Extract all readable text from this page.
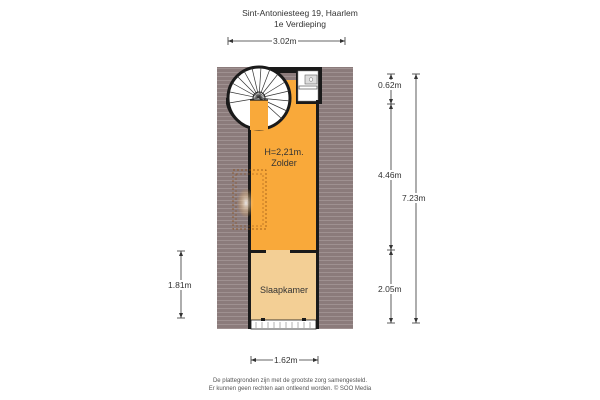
Sint-Antoniesteeg 19, Haarlem
1e Verdieping
3.02m
1.62m
1.81m
0.62m
4.46m
2.05m
7.23m
H=2,21m.
Zolder
Slaapkamer
De plattegronden zijn met de grootste zorg samengesteld.
Er kunnen geen rechten aan ontleend worden. © SOO Media
